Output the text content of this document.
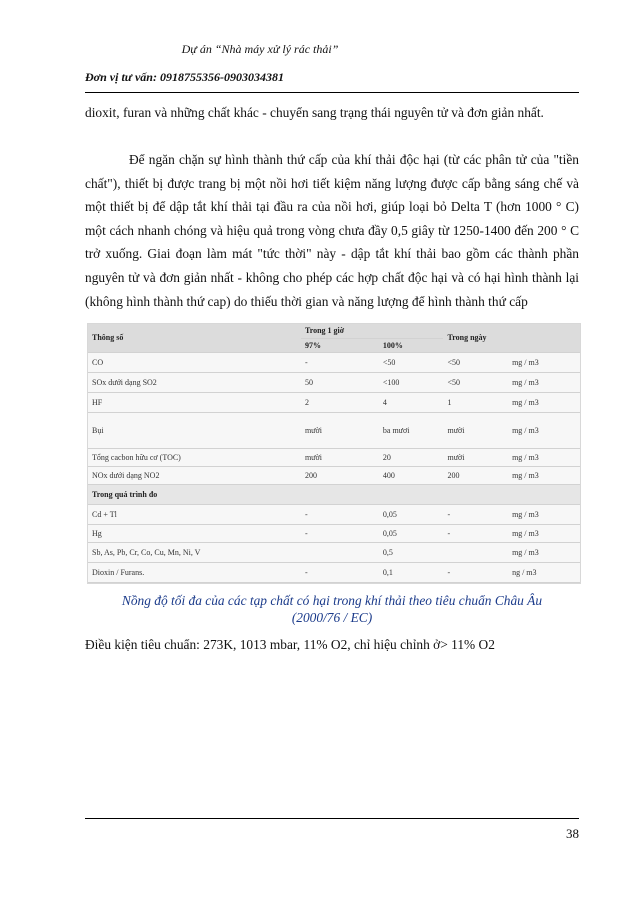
Dự án “Nhà máy xử lý rác thải”
Đơn vị tư vấn: 0918755356-0903034381
dioxit, furan và những chất khác - chuyển sang trạng thái nguyên tử và đơn giản nhất.
Để ngăn chặn sự hình thành thứ cấp của khí thải độc hại (từ các phân tử của "tiền chất"), thiết bị được trang bị một nồi hơi tiết kiệm năng lượng được cấp bằng sáng chế và một thiết bị để dập tắt khí thải tại đầu ra của nồi hơi, giúp loại bỏ Delta T (hơn 1000 ° C) một cách nhanh chóng và hiệu quả trong vòng chưa đầy 0,5 giây từ 1250-1400 đến 200 ° C trở xuống. Giai đoạn làm mát "tức thời" này - dập tắt khí thải bao gồm các thành phần nguyên tử và đơn giản nhất - không cho phép các hợp chất độc hại và có hại hình thành lại (không hình thành thứ cap) do thiếu thời gian và năng lượng để hình thành thứ cấp
Thông số	Trong 1 giờ		Trong ngày	
	97%	100%		
CO	-	<50	<50	mg / m3
SOx dưới dạng SO2	50	<100	<50	mg / m3
HF	2	4	1	mg / m3
Bụi	mười	ba mươi	mười	mg / m3
Tổng cacbon hữu cơ (TOC)	mười	20	mười	mg / m3
NOx dưới dạng NO2	200	400	200	mg / m3
Trong quá trình đo				
Cd + Tl	-	0,05	-	mg / m3
Hg	-	0,05	-	mg / m3
Sb, As, Pb, Cr, Co, Cu, Mn, Ni, V		0,5		mg / m3
Dioxin / Furans.	-	0,1	-	ng / m3
Nồng độ tối đa của các tạp chất có hại trong khí thải theo tiêu chuẩn Châu Âu
(2000/76 / EC)
Điều kiện tiêu chuẩn: 273K, 1013 mbar, 11% O2, chỉ hiệu chỉnh ở> 11% O2
38
